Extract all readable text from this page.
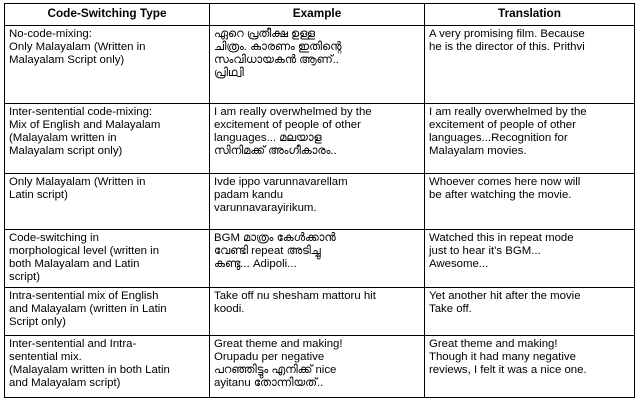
Code-Switching Type	Example	Translation

No-code-mixing:
Only Malayalam (Written in
Malayalam Script only)	ഏറെ പ്രതീക്ഷ ഉള്ള
ചിത്രം. കാരണം ഇതിന്റെ
സംവിധായകൻ ആണ്..
പ്രിഥ്വി	A very promising film. Because
he is the director of this. Prithvi

Inter-sentential code-mixing:
Mix of English and Malayalam
(Malayalam written in
Malayalam script only)	I am really overwhelmed by the
excitement of people of other
languages... മലയാള
സിനിമക്ക് അംഗീകാരം..	I am really overwhelmed by the
excitement of people of other
languages...Recognition for
Malayalam movies.

Only Malayalam (Written in
Latin script)	Ivde ippo varunnavarellam
padam kandu
varunnavarayirikum.	Whoever comes here now will
be after watching the movie.

Code-switching in
morphological level (written in
both Malayalam and Latin
script)	BGM മാത്രം കേൾക്കാൻ
വേണ്ടി repeat അടിച്ചു
കണ്ടു... Adipoli...	Watched this in repeat mode
just to hear it's BGM...
Awesome...

Intra-sentential mix of English
and Malayalam (written in Latin
Script only)	Take off nu shesham mattoru hit
koodi.	Yet another hit after the movie
Take off.

Inter-sentential and Intra-
sentential mix.
(Malayalam written in both Latin
and Malayalam script)	Great theme and making!
Orupadu per negative
പറഞ്ഞിട്ടും എനിക്ക് nice
ayitanu തോന്നിയത്..	Great theme and making!
Though it had many negative
reviews, I felt it was a nice one.
